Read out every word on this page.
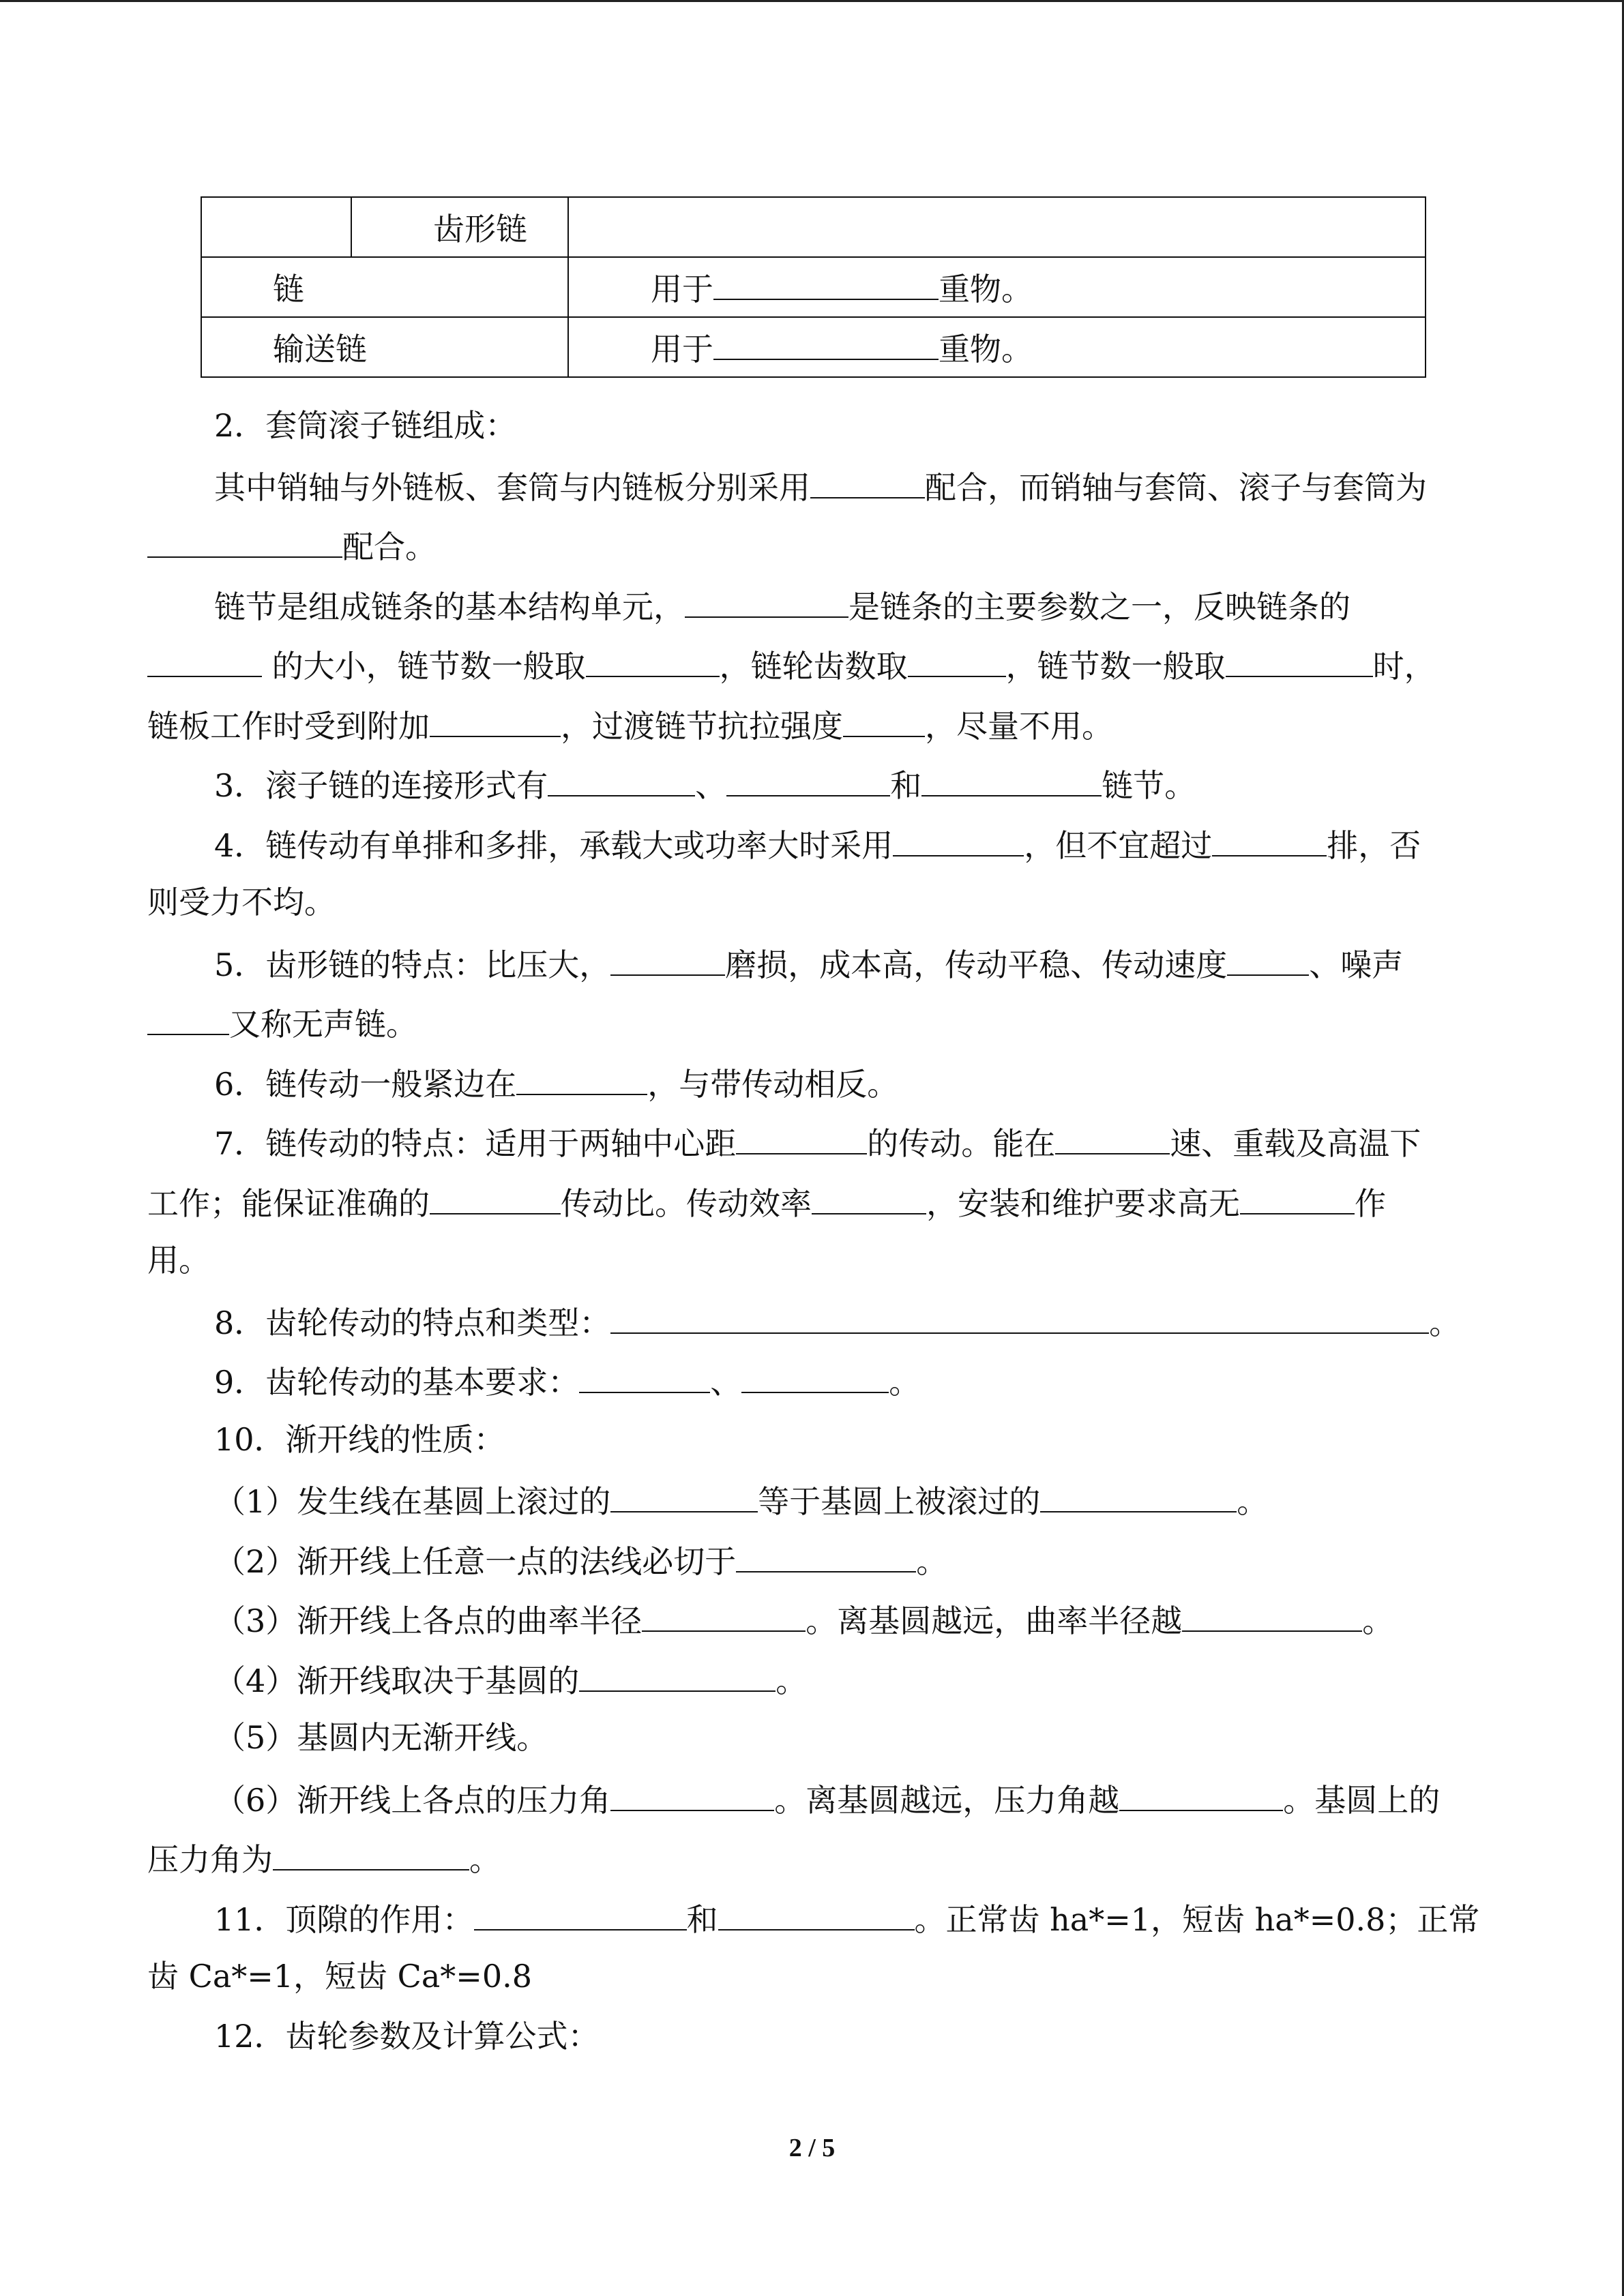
	齿形链	
链		用于 重物。
输送链		用于 重物。
2．套筒滚子链组成：
其中销轴与外链板、套筒与内链板分别采用	配合，而销轴与套筒、滚子与套筒为
配合。
链节是组成链条的基本结构单元，	是链条的主要参数之一，反映链条的
的大小，链节数一般取	，链轮齿数取	，链节数一般取	时，
链板工作时受到附加	，过渡链节抗拉强度	，尽量不用。
3．滚子链的连接形式有	、	和	链节。
4．链传动有单排和多排，承载大或功率大时采用	，但不宜超过	排，否
则受力不均。
5．齿形链的特点：比压大，	磨损，成本高，传动平稳、传动速度	、噪声
又称无声链。
6．链传动一般紧边在	，与带传动相反。
7．链传动的特点：适用于两轴中心距	的传动。能在	速、重载及高温下
工作；能保证准确的	传动比。传动效率	，安装和维护要求高无	作
用。
8．齿轮传动的特点和类型：	。
9．齿轮传动的基本要求：	、	。
10．渐开线的性质：
（1）发生线在基圆上滚过的	等于基圆上被滚过的	。
（2）渐开线上任意一点的法线必切于	。
（3）渐开线上各点的曲率半径	。离基圆越远，曲率半径越	。
（4）渐开线取决于基圆的	。
（5）基圆内无渐开线。
（6）渐开线上各点的压力角	。离基圆越远，压力角越	。基圆上的
压力角为	。
11．顶隙的作用：	和	。正常齿 ha*=1，短齿 ha*=0.8；正常
齿 Ca*=1，短齿 Ca*=0.8
12．齿轮参数及计算公式：
2 / 5
